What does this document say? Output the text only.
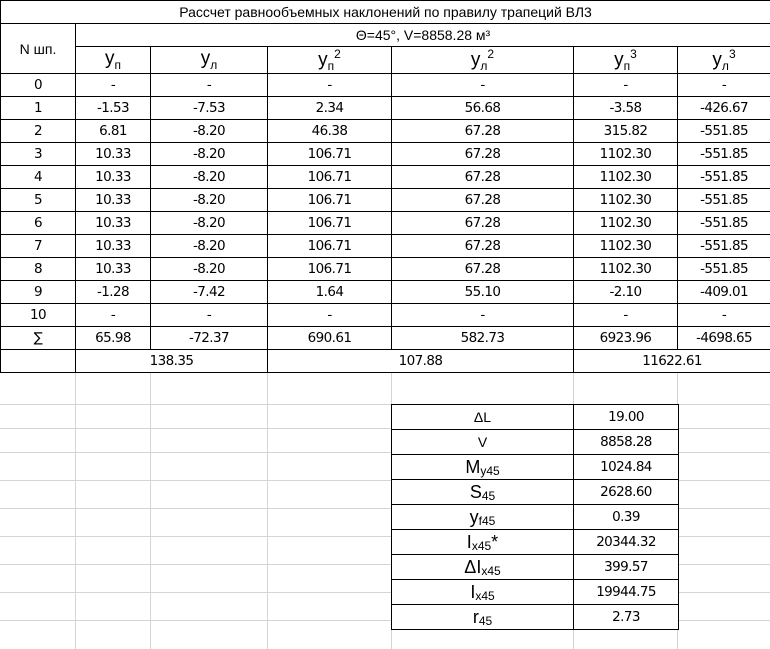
Рассчет равнообъемных наклонений по правилу трапеций ВЛ3						
N шп.	Θ=45°, V=8858.28 м³					
	$y_п$	$y_л$	$y_п^2$	$y_л^2$	$y_п^3$	$y_л^3$
0	-	-	-	-	-	-
1	-1.53	-7.53	2.34	56.68	-3.58	-426.67
2	6.81	-8.20	46.38	67.28	315.82	-551.85
3	10.33	-8.20	106.71	67.28	1102.30	-551.85
4	10.33	-8.20	106.71	67.28	1102.30	-551.85
5	10.33	-8.20	106.71	67.28	1102.30	-551.85
6	10.33	-8.20	106.71	67.28	1102.30	-551.85
7	10.33	-8.20	106.71	67.28	1102.30	-551.85
8	10.33	-8.20	106.71	67.28	1102.30	-551.85
9	-1.28	-7.42	1.64	55.10	-2.10	-409.01
10	-	-	-	-	-	-
∑	65.98	-72.37	690.61	582.73	6923.96	-4698.65
	138.35		107.88		11622.61	
ΔL	19.00
V	8858.28
$M_{y45}$	1024.84
$S_{45}$	2628.60
$y_{f45}$	0.39
$I_{x45}*$	20344.32
$\Delta I_{x45}$	399.57
$I_{x45}$	19944.75
$r_{45}$	2.73
